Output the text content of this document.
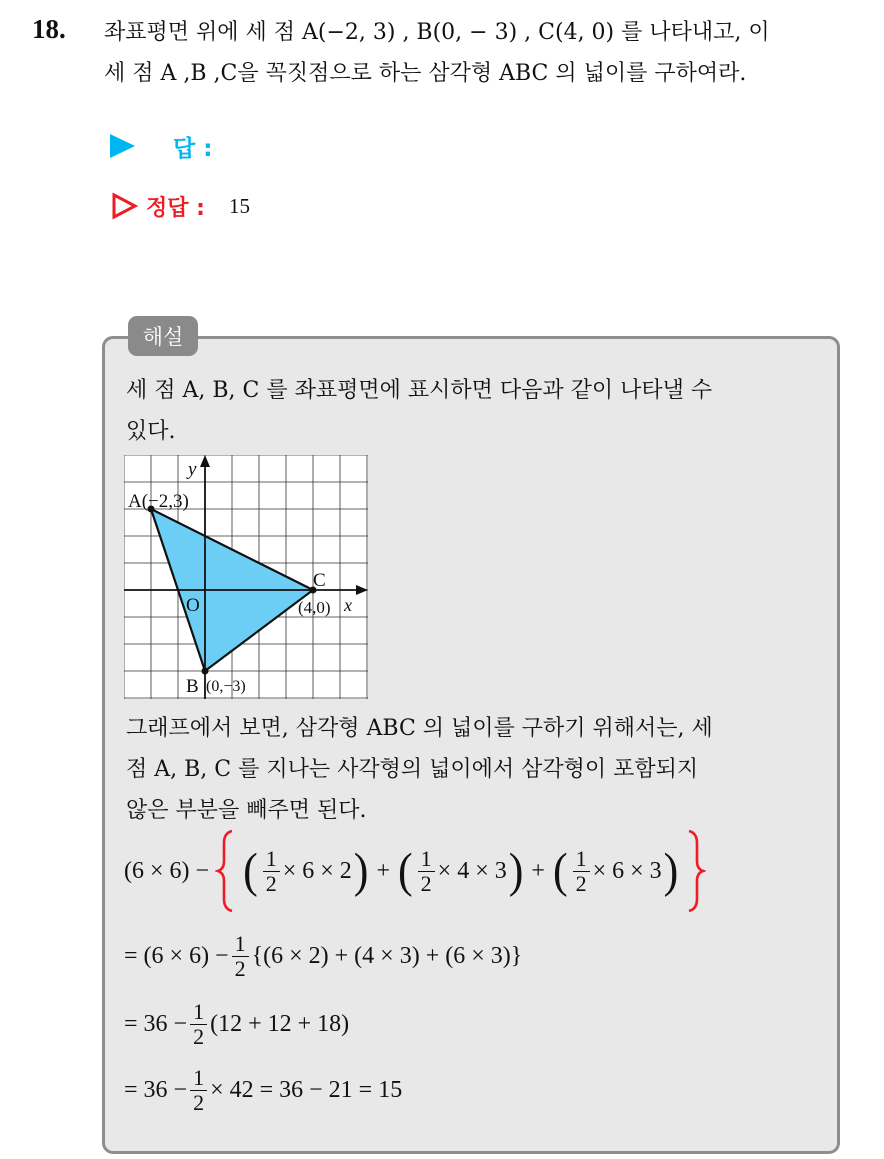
18. 좌표평면 위에 세 점 A(−2, 3) , B(0, − 3) , C(4, 0) 를 나타내고, 이
세 점 A ,B ,C을 꼭짓점으로 하는 삼각형 ABC 의 넓이를 구하여라.
답 :
정답 : 15
해설
세 점 A, B, C 를 좌표평면에 표시하면 다음과 같이 나타낼 수
있다.
y
x
O
A(−2,3)
B (0,−3)
C
(4,0)
그래프에서 보면, 삼각형 ABC 의 넓이를 구하기 위해서는, 세
점 A, B, C 를 지나는 사각형의 넓이에서 삼각형이 포함되지
않은 부분을 빼주면 된다.
(6 × 6) − ( $\frac{1}{2} \times 6 \times 2$ ) + ( $\frac{1}{2} \times 4 \times 3$ ) + ( $\frac{1}{2} \times 6 \times 3$ )
= $(6 \times 6) - \frac{1}{2} \{(6 \times 2) + (4 \times 3) + (6 \times 3)\}$
= $36 - \frac{1}{2} (12 + 12 + 18)$
= $36 - \frac{1}{2} \times 42 = 36 - 21 = 15$
